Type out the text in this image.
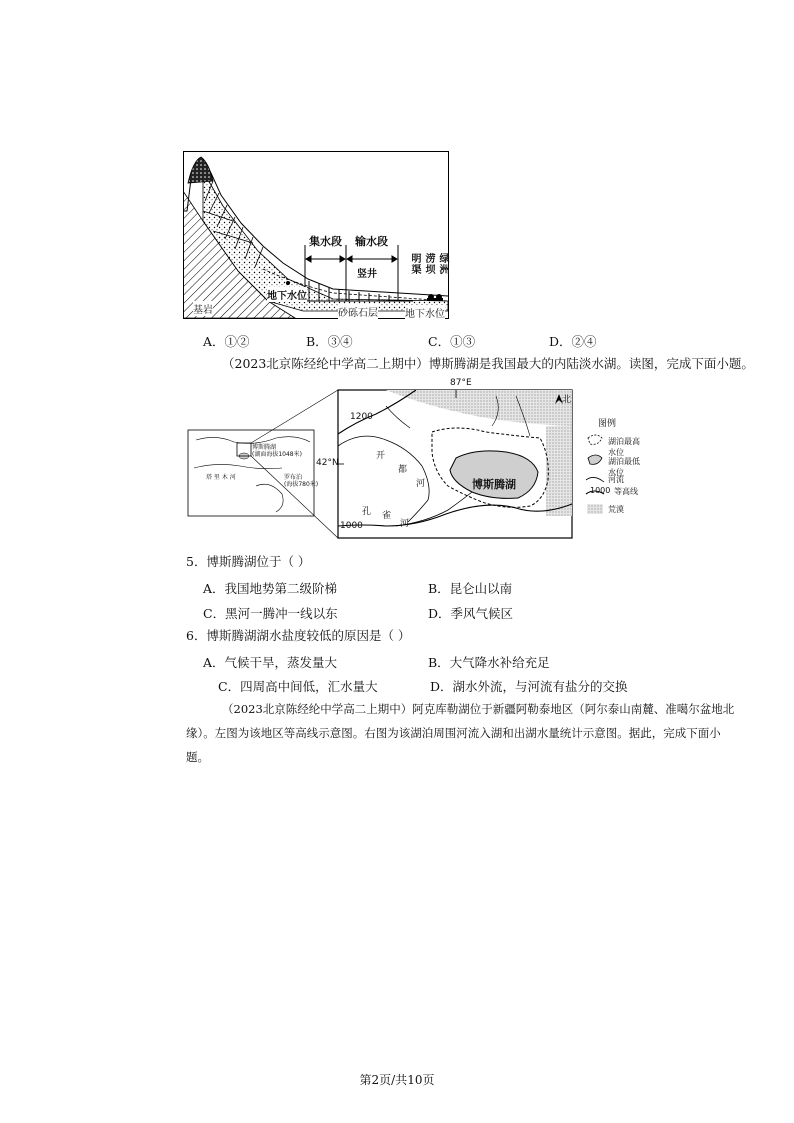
集水段 输水段
竖井	明渠 涝坝 绿洲
地下水位
砂砾石层	地下水位
基岩
A．①②	B．③④	C．①③	D．②④
（2023北京陈经纶中学高二上期中）博斯腾湖是我国最大的内陆淡水湖。读图，完成下面小题。
博斯腾湖
(湖面海拔1048米)
罗布泊
(海拔780米)
塔 里 木 河
87°E
42°N
1200
1000
北
开
都
河
孔 雀
河
博斯腾湖
图例
湖泊最高水位
湖泊最低水位
河流
1000 等高线
荒漠
5．博斯腾湖位于（ ）
A．我国地势第二级阶梯	B．昆仑山以南
C．黑河一腾冲一线以东	D．季风气候区
6．博斯腾湖湖水盐度较低的原因是（ ）
A．气候干旱，蒸发量大	B．大气降水补给充足
C．四周高中间低，汇水量大	D．湖水外流，与河流有盐分的交换
（2023北京陈经纶中学高二上期中）阿克库勒湖位于新疆阿勒泰地区（阿尔泰山南麓、准噶尔盆地北
缘）。左图为该地区等高线示意图。右图为该湖泊周围河流入湖和出湖水量统计示意图。据此，完成下面小
题。
第2页/共10页
